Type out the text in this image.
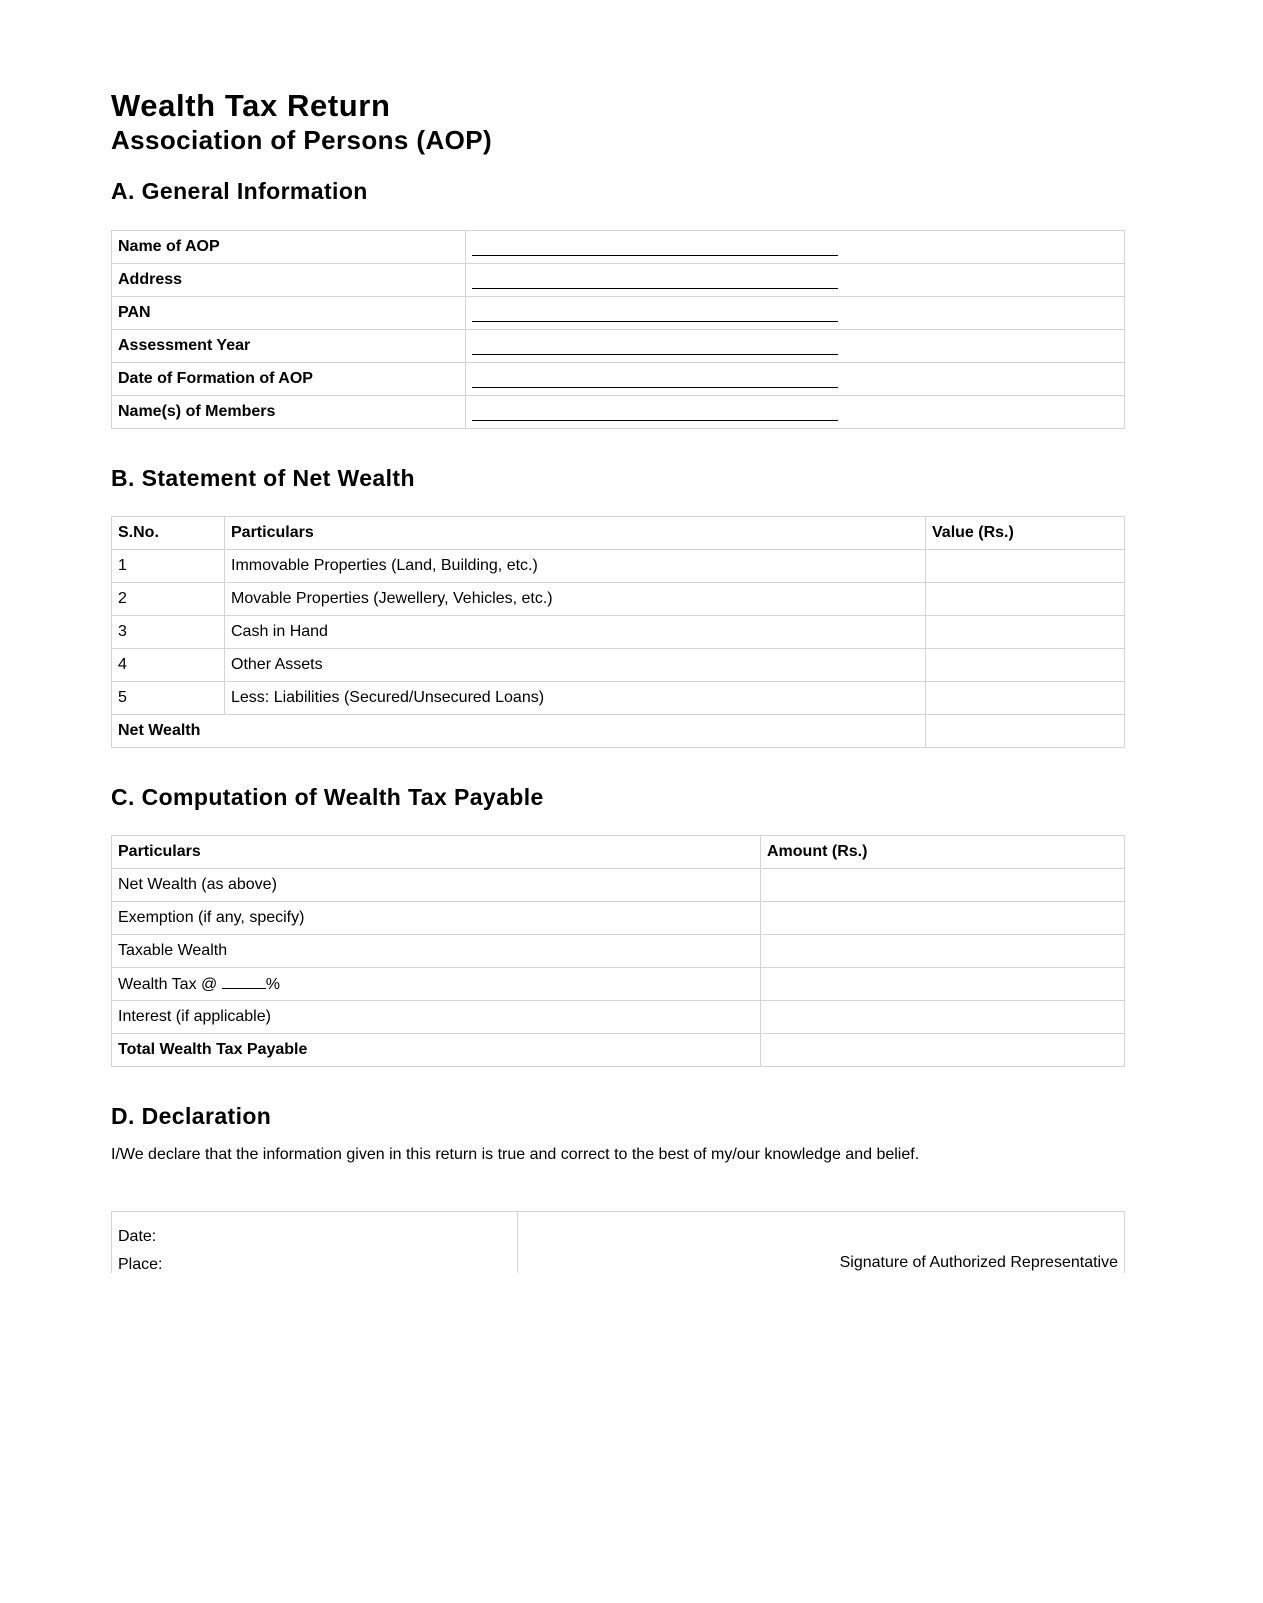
Wealth Tax Return
Association of Persons (AOP)
A. General Information
Name of AOP	
Address	
PAN	
Assessment Year	
Date of Formation of AOP	
Name(s) of Members	
B. Statement of Net Wealth
S.No.	Particulars	Value (Rs.)
1	Immovable Properties (Land, Building, etc.)	
2	Movable Properties (Jewellery, Vehicles, etc.)	
3	Cash in Hand	
4	Other Assets	
5	Less: Liabilities (Secured/Unsecured Loans)	
Net Wealth		
C. Computation of Wealth Tax Payable
Particulars	Amount (Rs.)
Net Wealth (as above)	
Exemption (if any, specify)	
Taxable Wealth	
Wealth Tax @ %	
Interest (if applicable)	
Total Wealth Tax Payable	
D. Declaration
I/We declare that the information given in this return is true and correct to the best of my/our knowledge and belief.
Date:
Place:	Signature of Authorized Representative
